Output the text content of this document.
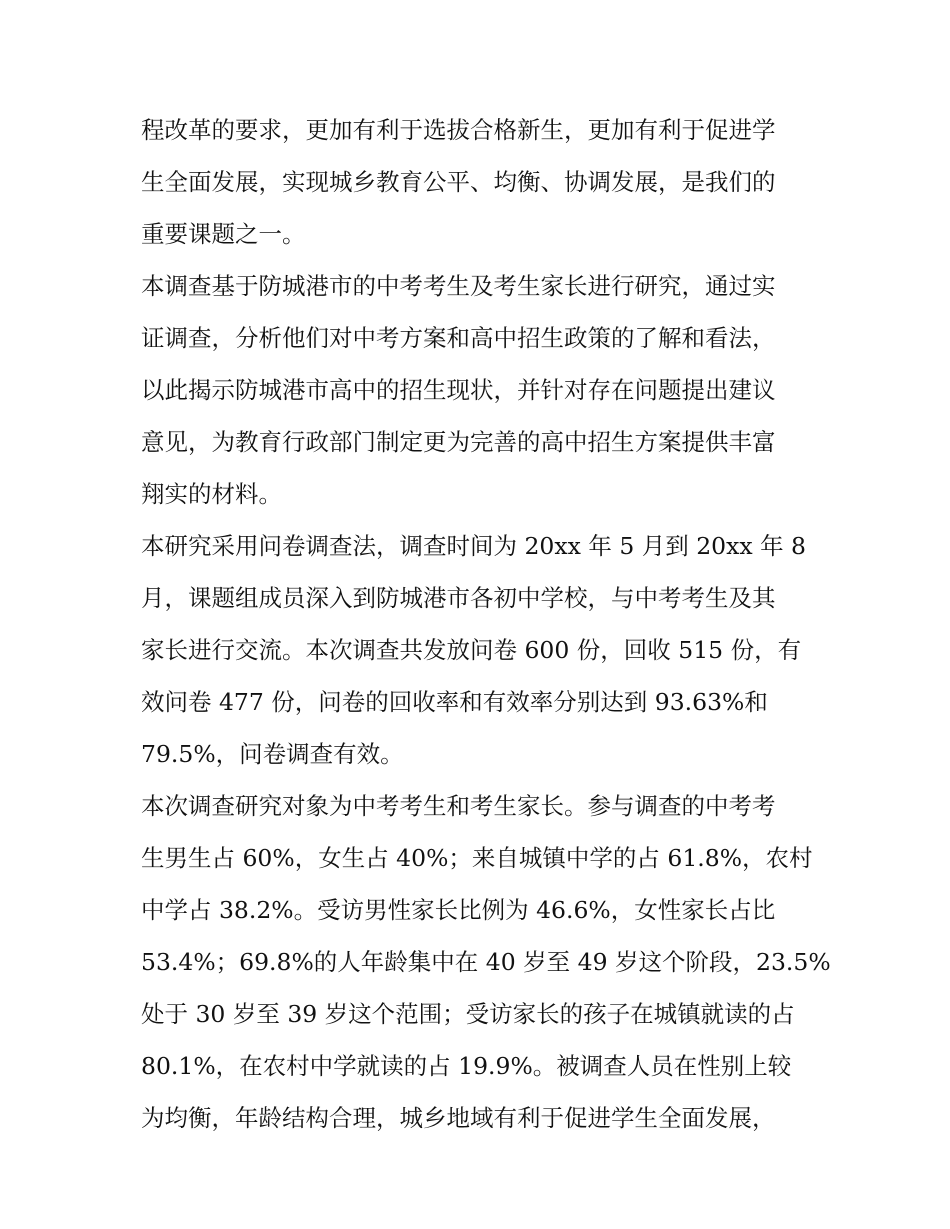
程改革的要求，更加有利于选拔合格新生，更加有利于促进学
生全面发展，实现城乡教育公平、均衡、协调发展，是我们的
重要课题之一。
本调查基于防城港市的中考考生及考生家长进行研究，通过实
证调查，分析他们对中考方案和高中招生政策的了解和看法，
以此揭示防城港市高中的招生现状，并针对存在问题提出建议
意见，为教育行政部门制定更为完善的高中招生方案提供丰富
翔实的材料。
本研究采用问卷调查法，调查时间为 20xx 年 5 月到 20xx 年 8
月，课题组成员深入到防城港市各初中学校，与中考考生及其
家长进行交流。本次调查共发放问卷 600 份，回收 515 份，有
效问卷 477 份，问卷的回收率和有效率分别达到 93.63%和
79.5%，问卷调查有效。
本次调查研究对象为中考考生和考生家长。参与调查的中考考
生男生占 60%，女生占 40%；来自城镇中学的占 61.8%，农村
中学占 38.2%。受访男性家长比例为 46.6%，女性家长占比
53.4%；69.8%的人年龄集中在 40 岁至 49 岁这个阶段，23.5%
处于 30 岁至 39 岁这个范围；受访家长的孩子在城镇就读的占
80.1%，在农村中学就读的占 19.9%。被调查人员在性别上较
为均衡，年龄结构合理，城乡地域有利于促进学生全面发展，
